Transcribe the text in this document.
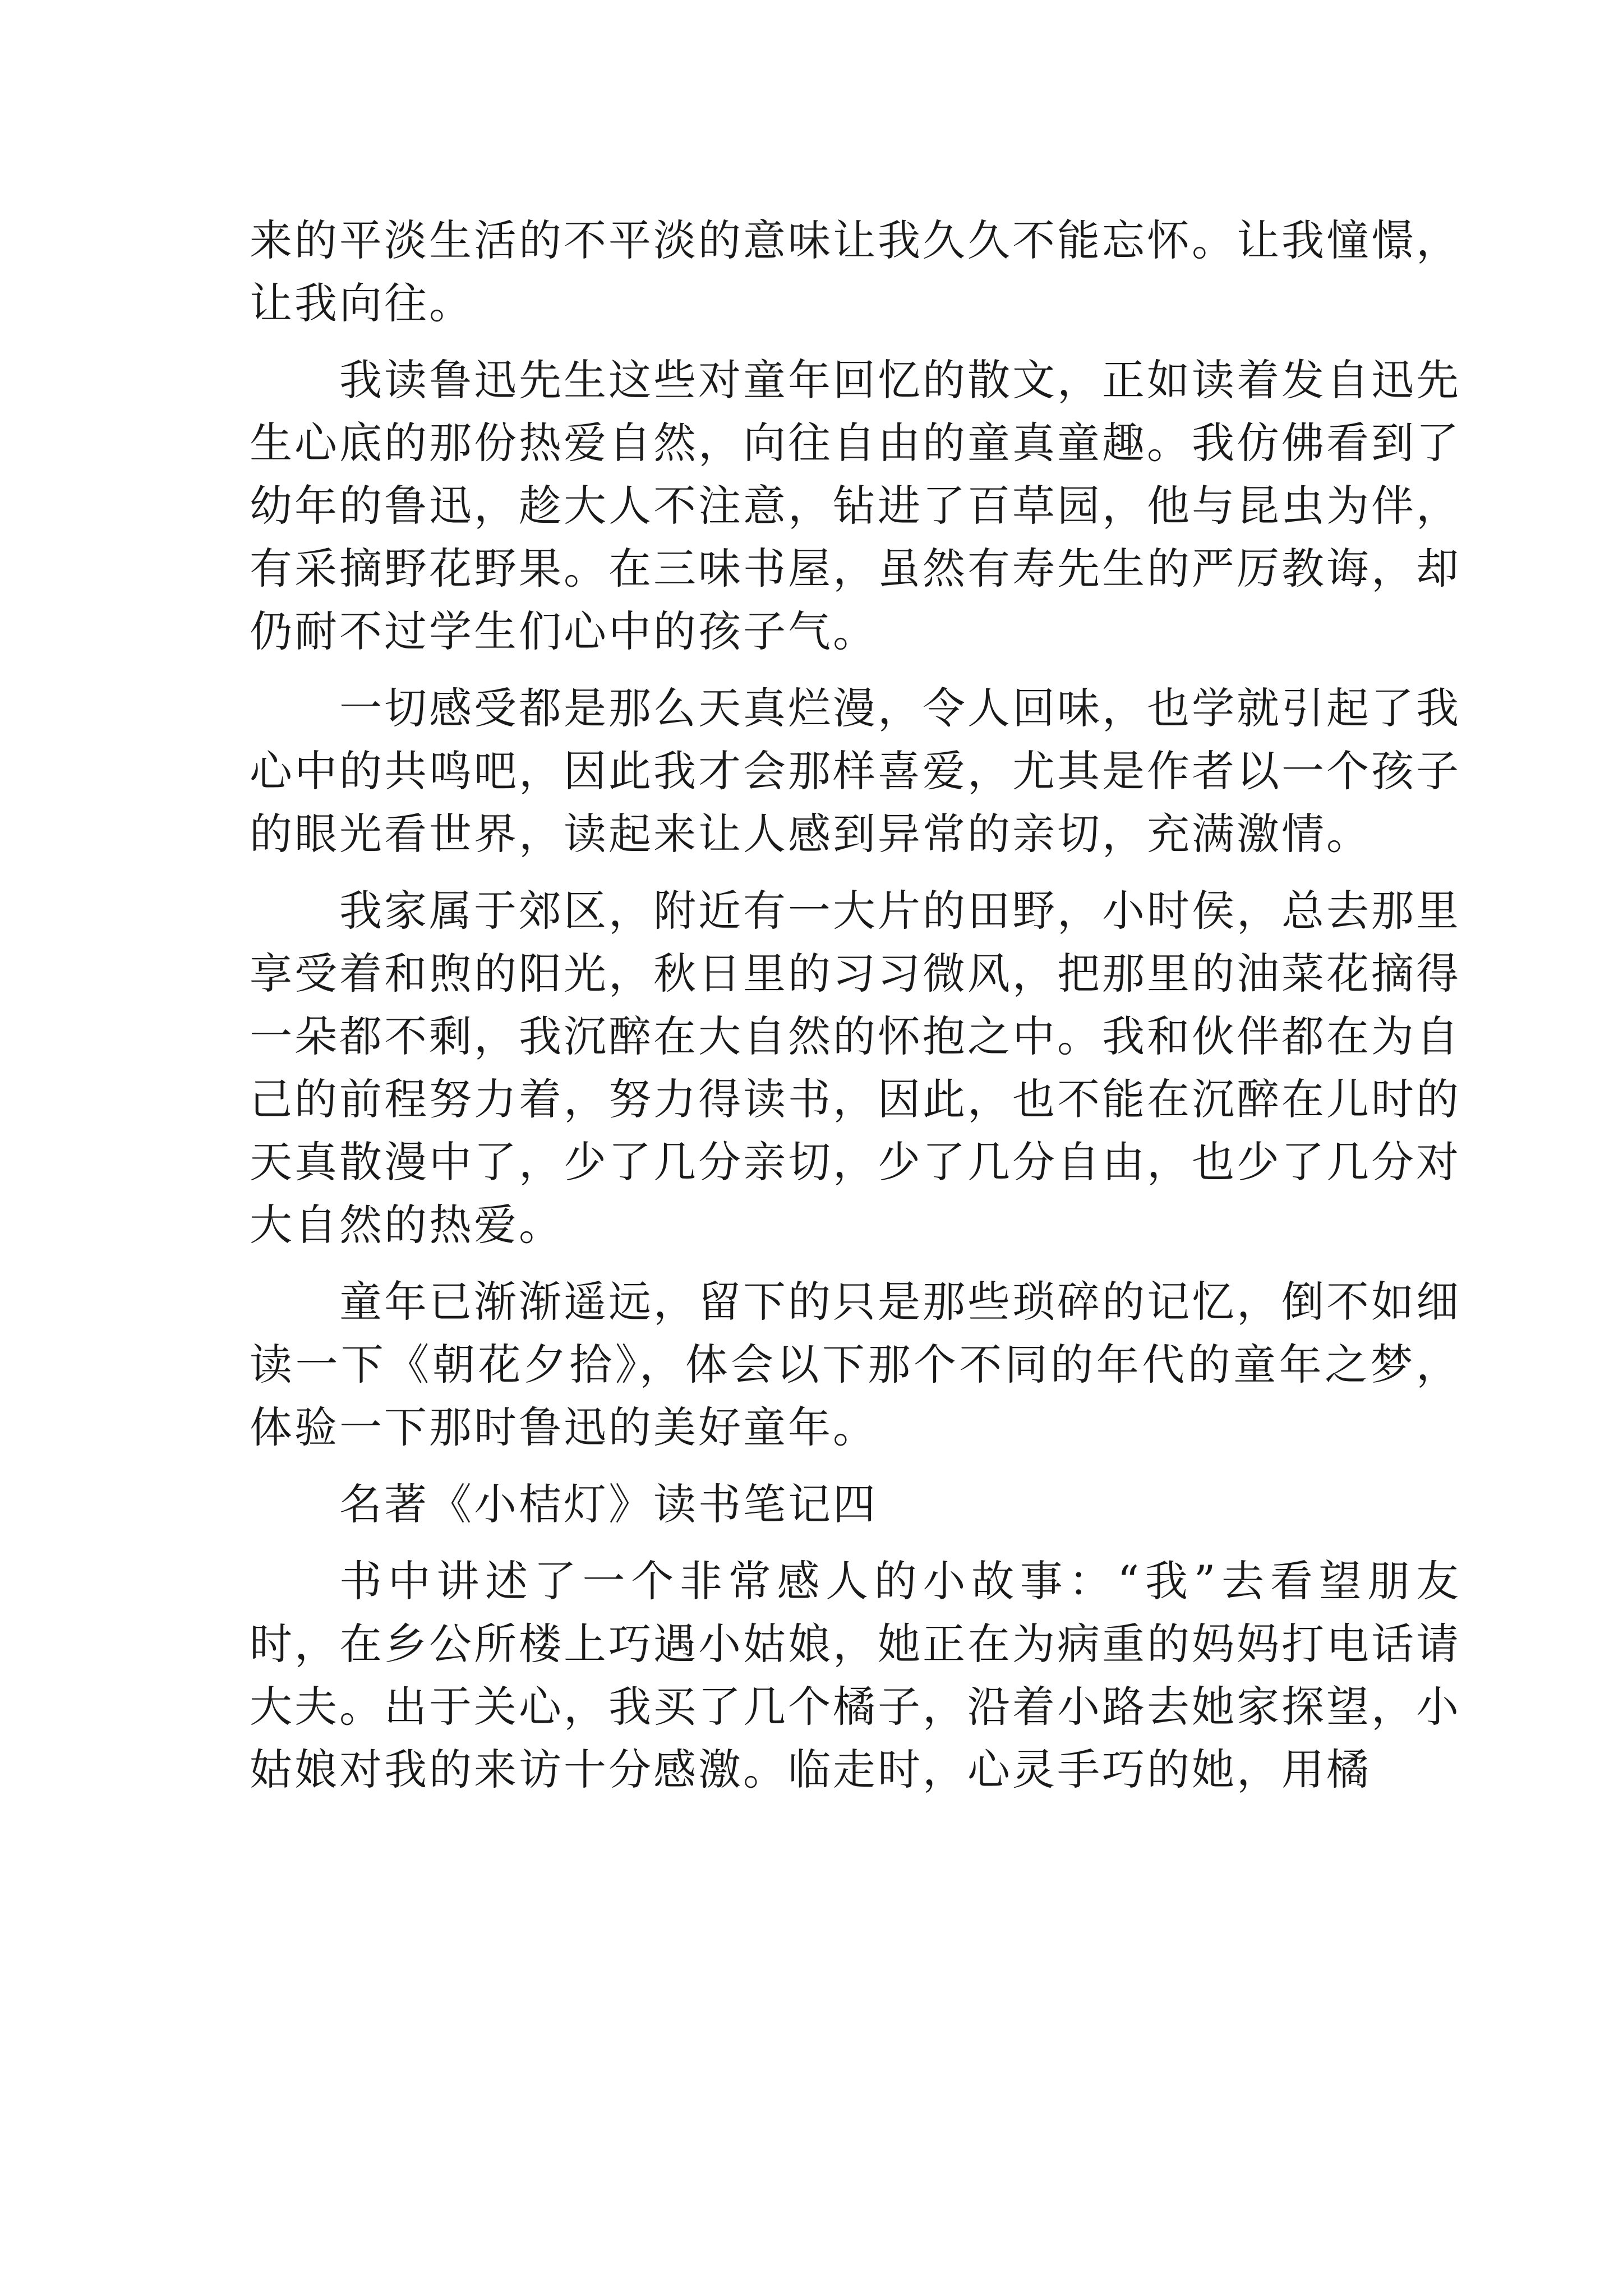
来的平淡生活的不平淡的意味让我久久不能忘怀。让我憧憬，让我向往。

我读鲁迅先生这些对童年回忆的散文，正如读着发自迅先生心底的那份热爱自然，向往自由的童真童趣。我仿佛看到了幼年的鲁迅，趁大人不注意，钻进了百草园，他与昆虫为伴，有采摘野花野果。在三味书屋，虽然有寿先生的严厉教诲，却仍耐不过学生们心中的孩子气。

一切感受都是那么天真烂漫，令人回味，也学就引起了我心中的共鸣吧，因此我才会那样喜爱，尤其是作者以一个孩子的眼光看世界，读起来让人感到异常的亲切，充满激情。

我家属于郊区，附近有一大片的田野，小时侯，总去那里享受着和煦的阳光，秋日里的习习微风，把那里的油菜花摘得一朵都不剩，我沉醉在大自然的怀抱之中。我和伙伴都在为自己的前程努力着，努力得读书，因此，也不能在沉醉在儿时的天真散漫中了，少了几分亲切，少了几分自由，也少了几分对大自然的热爱。

童年已渐渐遥远，留下的只是那些琐碎的记忆，倒不如细读一下《朝花夕拾》，体会以下那个不同的年代的童年之梦，体验一下那时鲁迅的美好童年。

名著《小桔灯》读书笔记四

书中讲述了一个非常感人的小故事：“我”去看望朋友时，在乡公所楼上巧遇小姑娘，她正在为病重的妈妈打电话请大夫。出于关心，我买了几个橘子，沿着小路去她家探望，小姑娘对我的来访十分感激。临走时，心灵手巧的她，用橘
